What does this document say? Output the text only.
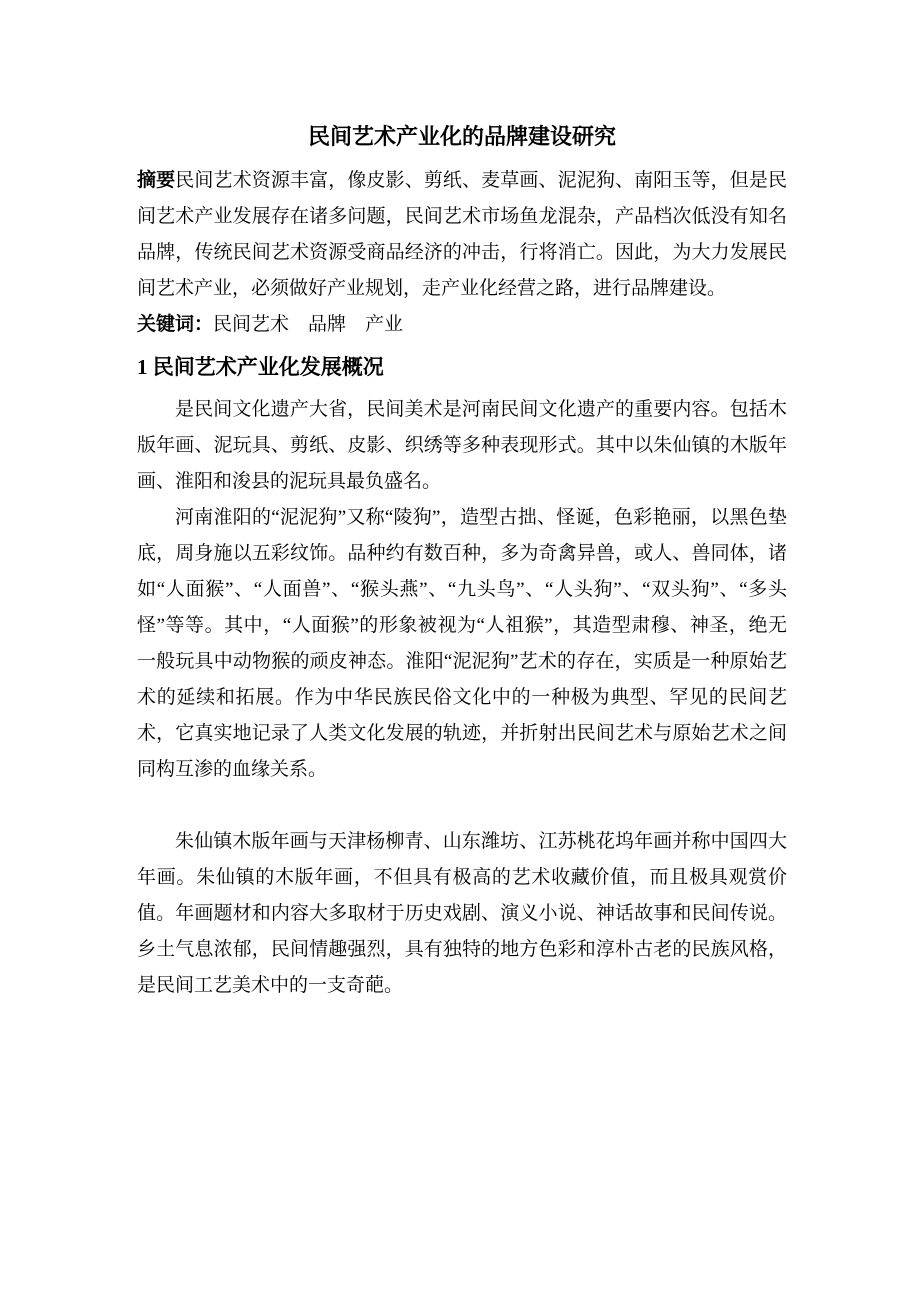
民间艺术产业化的品牌建设研究

摘要民间艺术资源丰富，像皮影、剪纸、麦草画、泥泥狗、南阳玉等，但是民间艺术产业发展存在诸多问题，民间艺术市场鱼龙混杂，产品档次低没有知名品牌，传统民间艺术资源受商品经济的冲击，行将消亡。因此，为大力发展民间艺术产业，必须做好产业规划，走产业化经营之路，进行品牌建设。

关键词：民间艺术　品牌　产业

1 民间艺术产业化发展概况

是民间文化遗产大省，民间美术是河南民间文化遗产的重要内容。包括木版年画、泥玩具、剪纸、皮影、织绣等多种表现形式。其中以朱仙镇的木版年画、淮阳和浚县的泥玩具最负盛名。

河南淮阳的“泥泥狗”又称“陵狗”，造型古拙、怪诞，色彩艳丽，以黑色垫底，周身施以五彩纹饰。品种约有数百种，多为奇禽异兽，或人、兽同体，诸如“人面猴”、“人面兽”、“猴头燕”、“九头鸟”、“人头狗”、“双头狗”、“多头怪”等等。其中，“人面猴”的形象被视为“人祖猴”，其造型肃穆、神圣，绝无一般玩具中动物猴的顽皮神态。淮阳“泥泥狗”艺术的存在，实质是一种原始艺术的延续和拓展。作为中华民族民俗文化中的一种极为典型、罕见的民间艺术，它真实地记录了人类文化发展的轨迹，并折射出民间艺术与原始艺术之间同构互渗的血缘关系。

朱仙镇木版年画与天津杨柳青、山东潍坊、江苏桃花坞年画并称中国四大年画。朱仙镇的木版年画，不但具有极高的艺术收藏价值，而且极具观赏价值。年画题材和内容大多取材于历史戏剧、演义小说、神话故事和民间传说。乡土气息浓郁，民间情趣强烈，具有独特的地方色彩和淳朴古老的民族风格，是民间工艺美术中的一支奇葩。
